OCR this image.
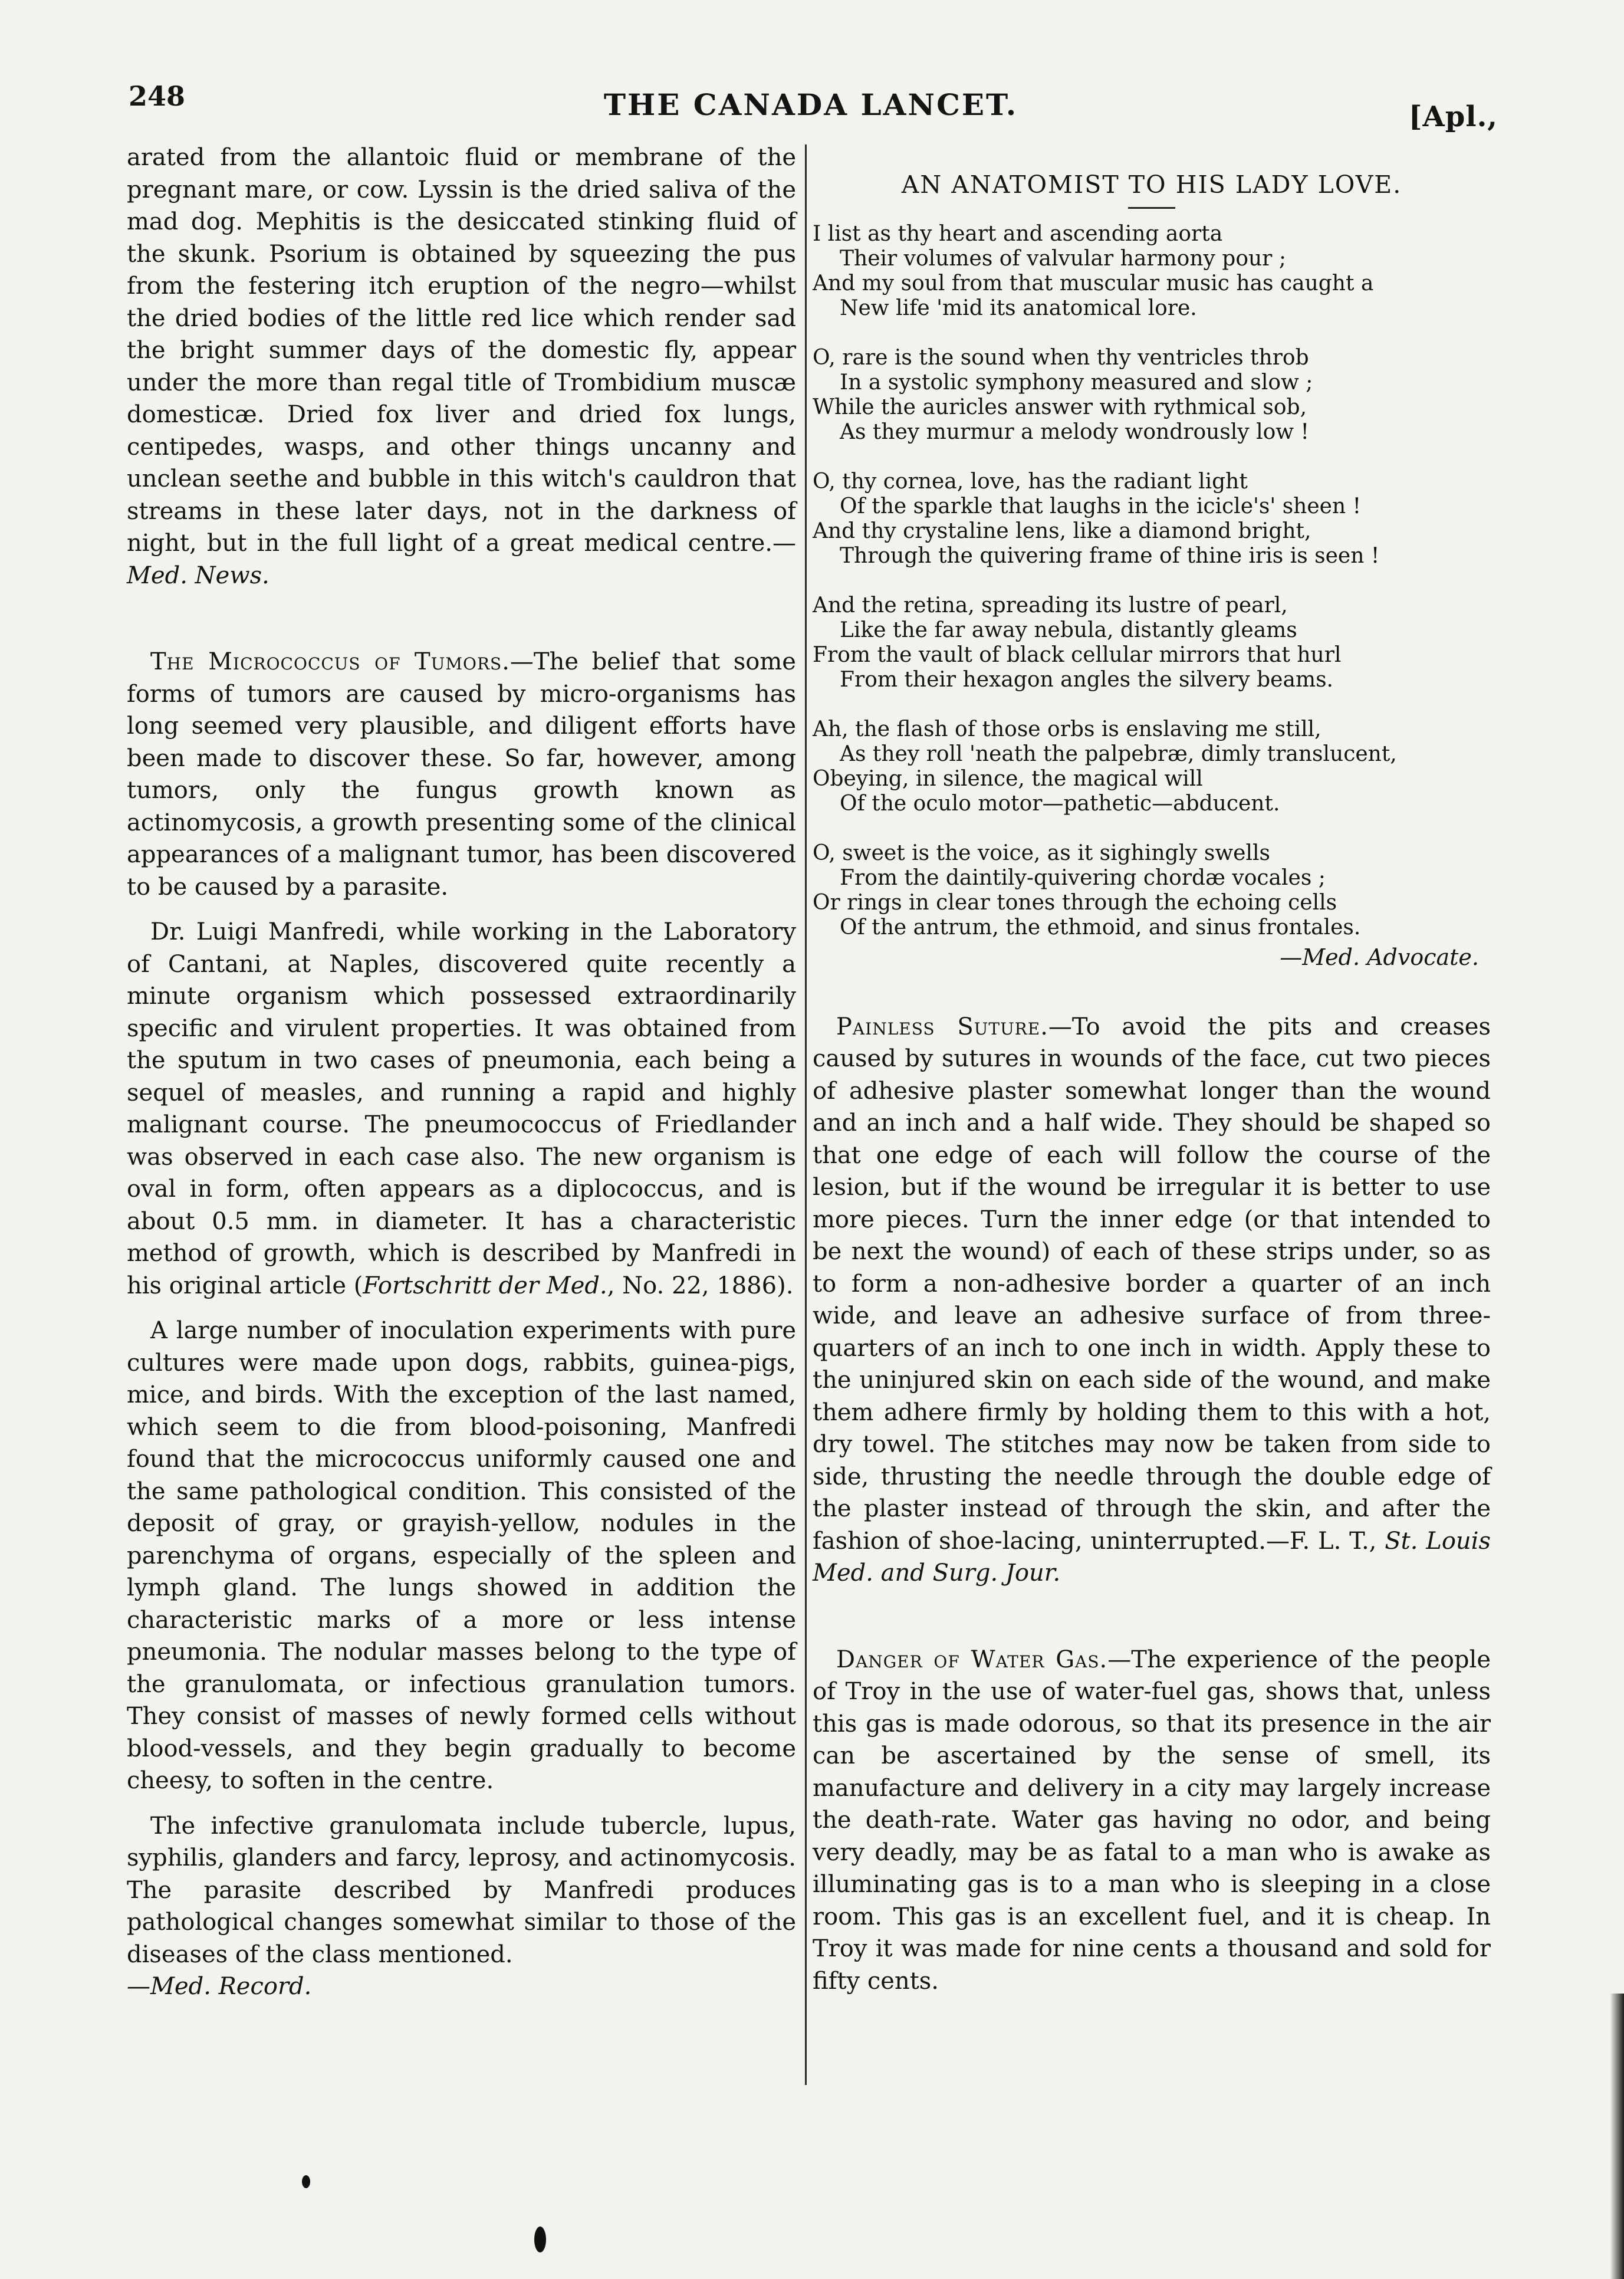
248	THE CANADA LANCET.	[Apl.,

arated from the allantoic fluid or membrane of the pregnant mare, or cow. Lyssin is the dried saliva of the mad dog. Mephitis is the desiccated stinking fluid of the skunk. Psorium is obtained by squeezing the pus from the festering itch eruption of the negro—whilst the dried bodies of the little red lice which render sad the bright summer days of the domestic fly, appear under the more than regal title of Trombidium muscæ domesticæ. Dried fox liver and dried fox lungs, centipedes, wasps, and other things uncanny and unclean seethe and bubble in this witch's cauldron that streams in these later days, not in the darkness of night, but in the full light of a great medical centre.—Med. News.

The Micrococcus of Tumors.—The belief that some forms of tumors are caused by micro-organisms has long seemed very plausible, and diligent efforts have been made to discover these. So far, however, among tumors, only the fungus growth known as actinomycosis, a growth presenting some of the clinical appearances of a malignant tumor, has been discovered to be caused by a parasite.

Dr. Luigi Manfredi, while working in the Laboratory of Cantani, at Naples, discovered quite recently a minute organism which possessed extraordinarily specific and virulent properties. It was obtained from the sputum in two cases of pneumonia, each being a sequel of measles, and running a rapid and highly malignant course. The pneumococcus of Friedlander was observed in each case also. The new organism is oval in form, often appears as a diplococcus, and is about 0.5 mm. in diameter. It has a characteristic method of growth, which is described by Manfredi in his original article (Fortschritt der Med., No. 22, 1886).

A large number of inoculation experiments with pure cultures were made upon dogs, rabbits, guinea-pigs, mice, and birds. With the exception of the last named, which seem to die from blood-poisoning, Manfredi found that the micrococcus uniformly caused one and the same pathological condition. This consisted of the deposit of gray, or grayish-yellow, nodules in the parenchyma of organs, especially of the spleen and lymph gland. The lungs showed in addition the characteristic marks of a more or less intense pneumonia. The nodular masses belong to the type of the granulomata, or infectious granulation tumors. They consist of masses of newly formed cells without blood-vessels, and they begin gradually to become cheesy, to soften in the centre.

The infective granulomata include tubercle, lupus, syphilis, glanders and farcy, leprosy, and actinomycosis. The parasite described by Manfredi produces pathological changes somewhat similar to those of the diseases of the class mentioned.

—Med. Record.

AN ANATOMIST TO HIS LADY LOVE.
I list as thy heart and ascending aorta
Their volumes of valvular harmony pour ;
And my soul from that muscular music has caught a
New life 'mid its anatomical lore.
O, rare is the sound when thy ventricles throb
In a systolic symphony measured and slow ;
While the auricles answer with rythmical sob,
As they murmur a melody wondrously low !
O, thy cornea, love, has the radiant light
Of the sparkle that laughs in the icicle's' sheen !
And thy crystaline lens, like a diamond bright,
Through the quivering frame of thine iris is seen !
And the retina, spreading its lustre of pearl,
Like the far away nebula, distantly gleams
From the vault of black cellular mirrors that hurl
From their hexagon angles the silvery beams.
Ah, the flash of those orbs is enslaving me still,
As they roll 'neath the palpebræ, dimly translucent,
Obeying, in silence, the magical will
Of the oculo motor—pathetic—abducent.
O, sweet is the voice, as it sighingly swells
From the daintily-quivering chordæ vocales ;
Or rings in clear tones through the echoing cells
Of the antrum, the ethmoid, and sinus frontales.
—Med. Advocate.

Painless Suture.—To avoid the pits and creases caused by sutures in wounds of the face, cut two pieces of adhesive plaster somewhat longer than the wound and an inch and a half wide. They should be shaped so that one edge of each will follow the course of the lesion, but if the wound be irregular it is better to use more pieces. Turn the inner edge (or that intended to be next the wound) of each of these strips under, so as to form a non-adhesive border a quarter of an inch wide, and leave an adhesive surface of from three-quarters of an inch to one inch in width. Apply these to the uninjured skin on each side of the wound, and make them adhere firmly by holding them to this with a hot, dry towel. The stitches may now be taken from side to side, thrusting the needle through the double edge of the plaster instead of through the skin, and after the fashion of shoe-lacing, uninterrupted.—F. L. T., St. Louis Med. and Surg. Jour.

Danger of Water Gas.—The experience of the people of Troy in the use of water-fuel gas, shows that, unless this gas is made odorous, so that its presence in the air can be ascertained by the sense of smell, its manufacture and delivery in a city may largely increase the death-rate. Water gas having no odor, and being very deadly, may be as fatal to a man who is awake as illuminating gas is to a man who is sleeping in a close room. This gas is an excellent fuel, and it is cheap. In Troy it was made for nine cents a thousand and sold for fifty cents.
